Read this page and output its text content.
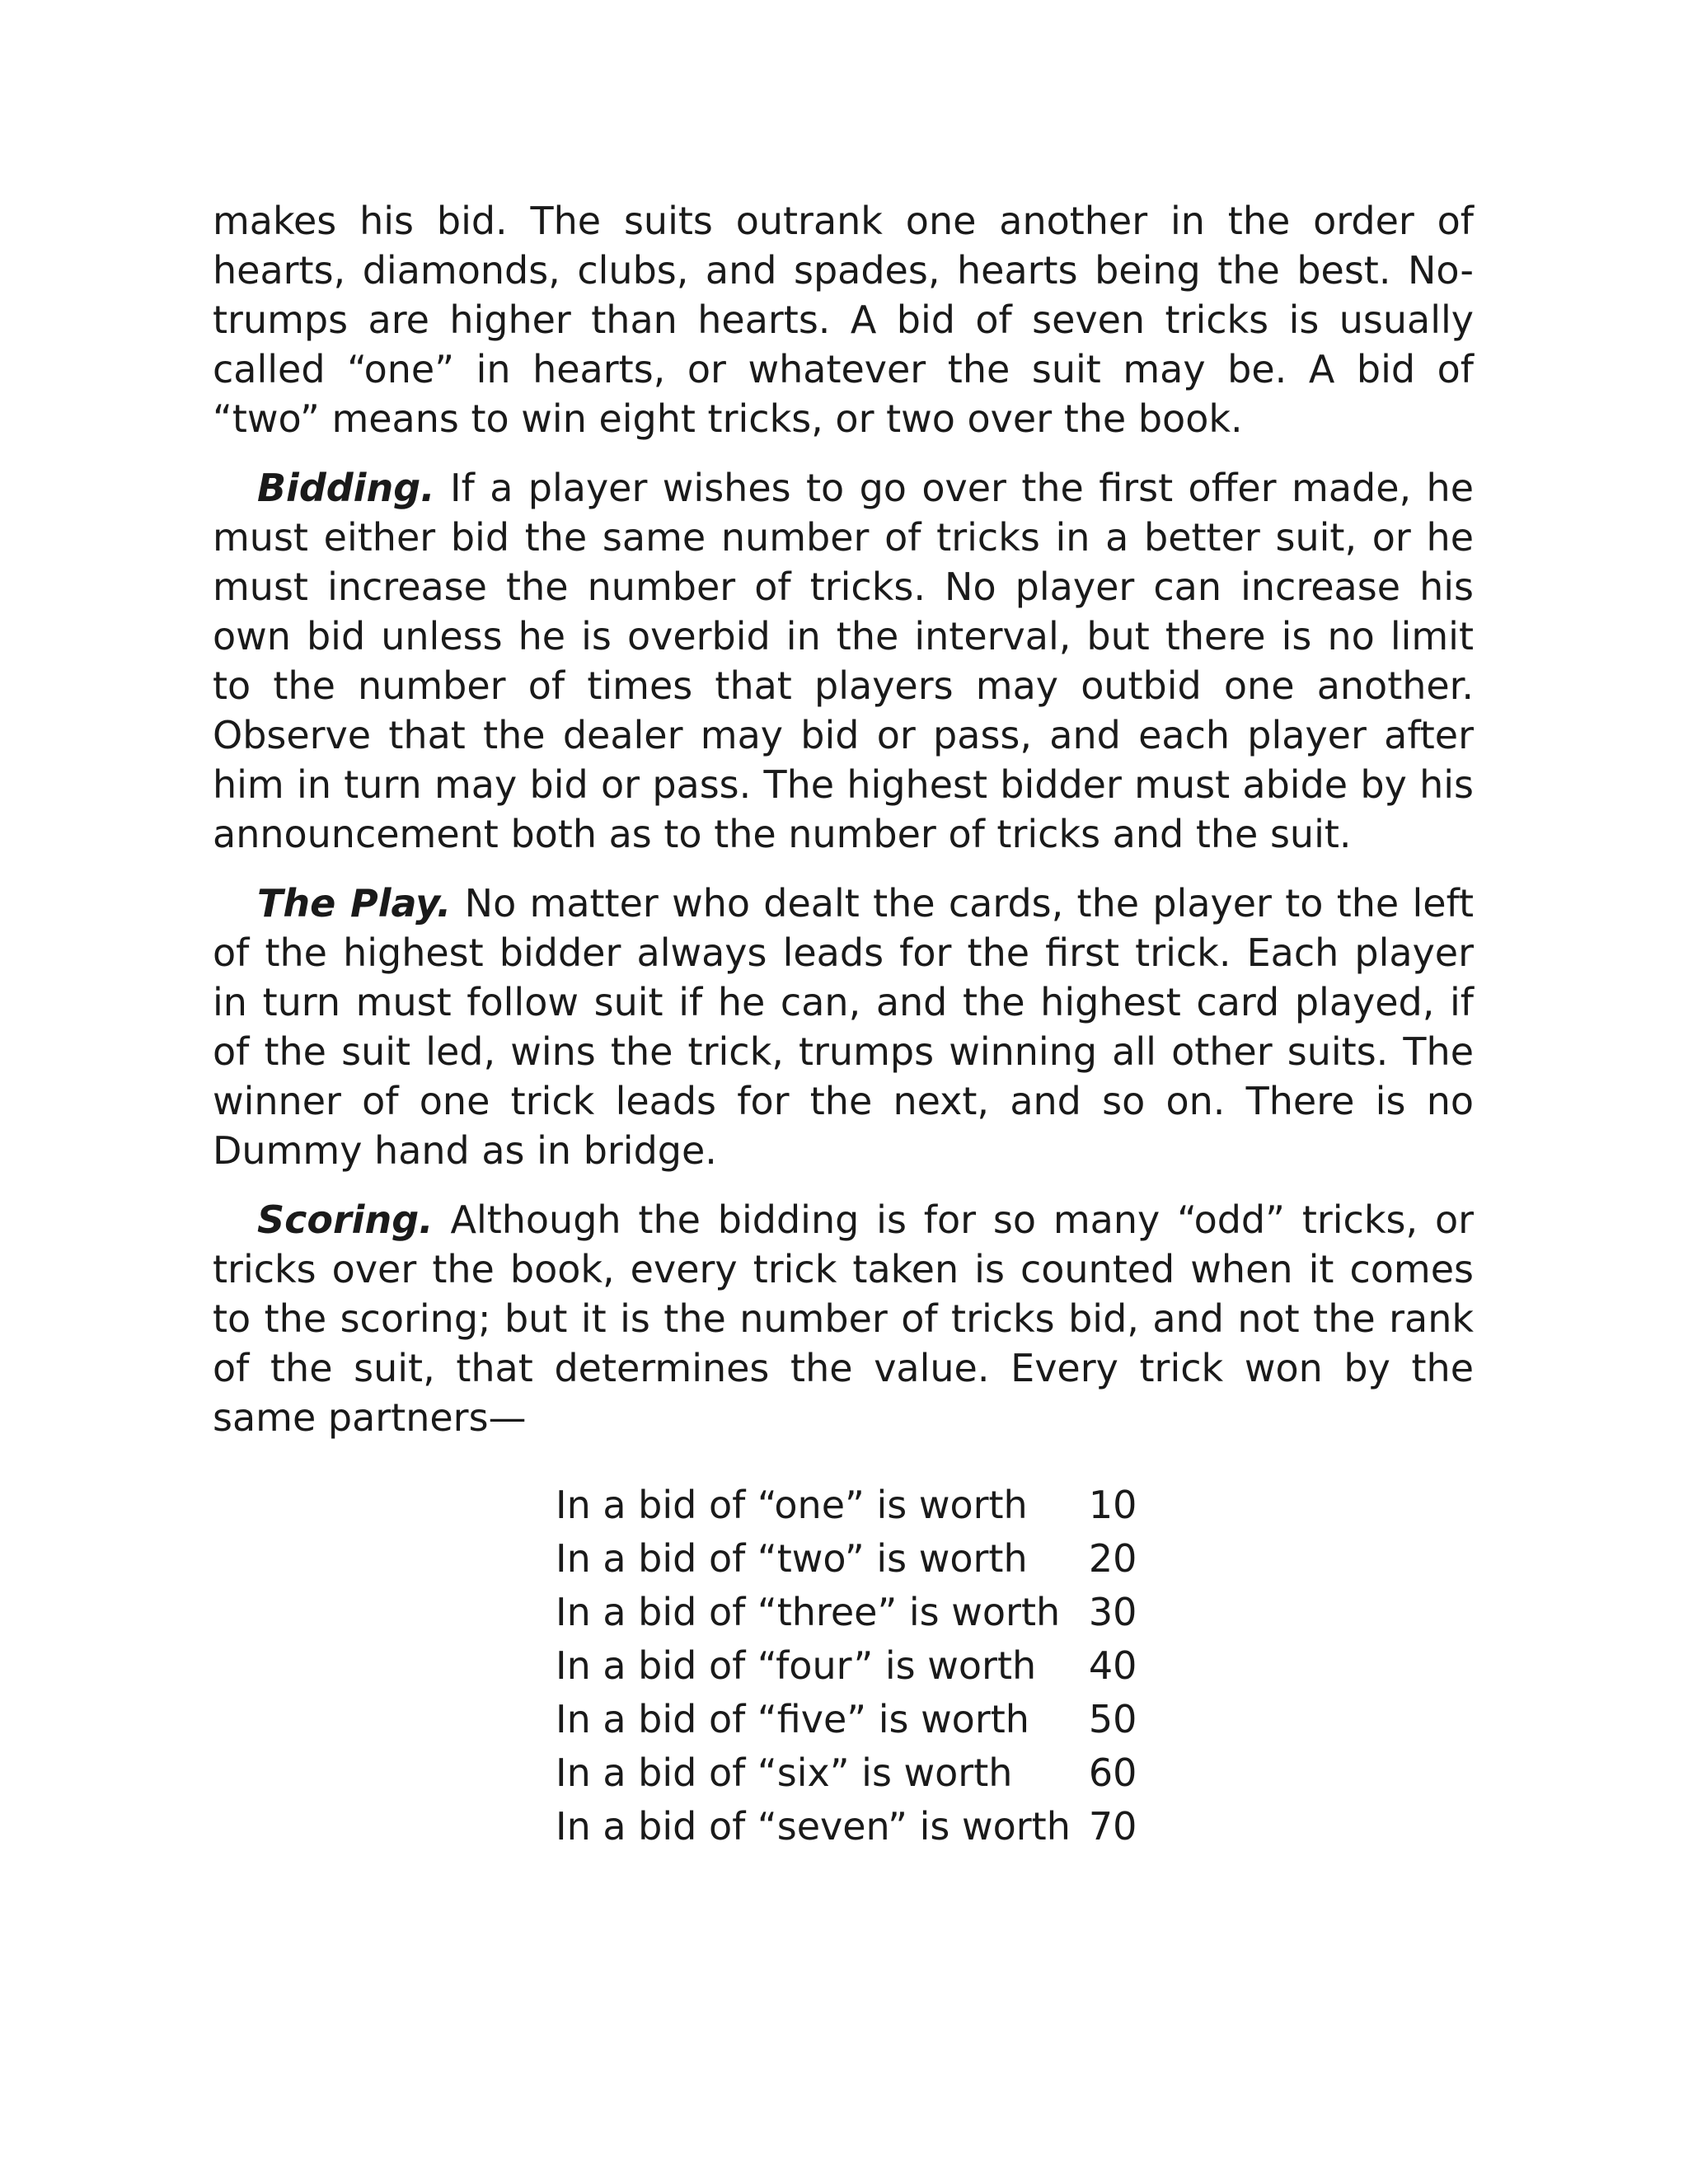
makes his bid. The suits outrank one another in the order of hearts, diamonds, clubs, and spades, hearts being the best. No-trumps are higher than hearts. A bid of seven tricks is usually called “one” in hearts, or whatever the suit may be. A bid of “two” means to win eight tricks, or two over the book.

Bidding. If a player wishes to go over the first offer made, he must either bid the same number of tricks in a better suit, or he must increase the number of tricks. No player can increase his own bid unless he is overbid in the interval, but there is no limit to the number of times that players may outbid one another. Observe that the dealer may bid or pass, and each player after him in turn may bid or pass. The highest bidder must abide by his announcement both as to the number of tricks and the suit.

The Play. No matter who dealt the cards, the player to the left of the highest bidder always leads for the first trick. Each player in turn must follow suit if he can, and the highest card played, if of the suit led, wins the trick, trumps winning all other suits. The winner of one trick leads for the next, and so on. There is no Dummy hand as in bridge.

Scoring. Although the bidding is for so many “odd” tricks, or tricks over the book, every trick taken is counted when it comes to the scoring; but it is the number of tricks bid, and not the rank of the suit, that determines the value. Every trick won by the same partners—

In a bid of “one” is worth	10
In a bid of “two” is worth	20
In a bid of “three” is worth	30
In a bid of “four” is worth	40
In a bid of “five” is worth	50
In a bid of “six” is worth	60
In a bid of “seven” is worth	70
